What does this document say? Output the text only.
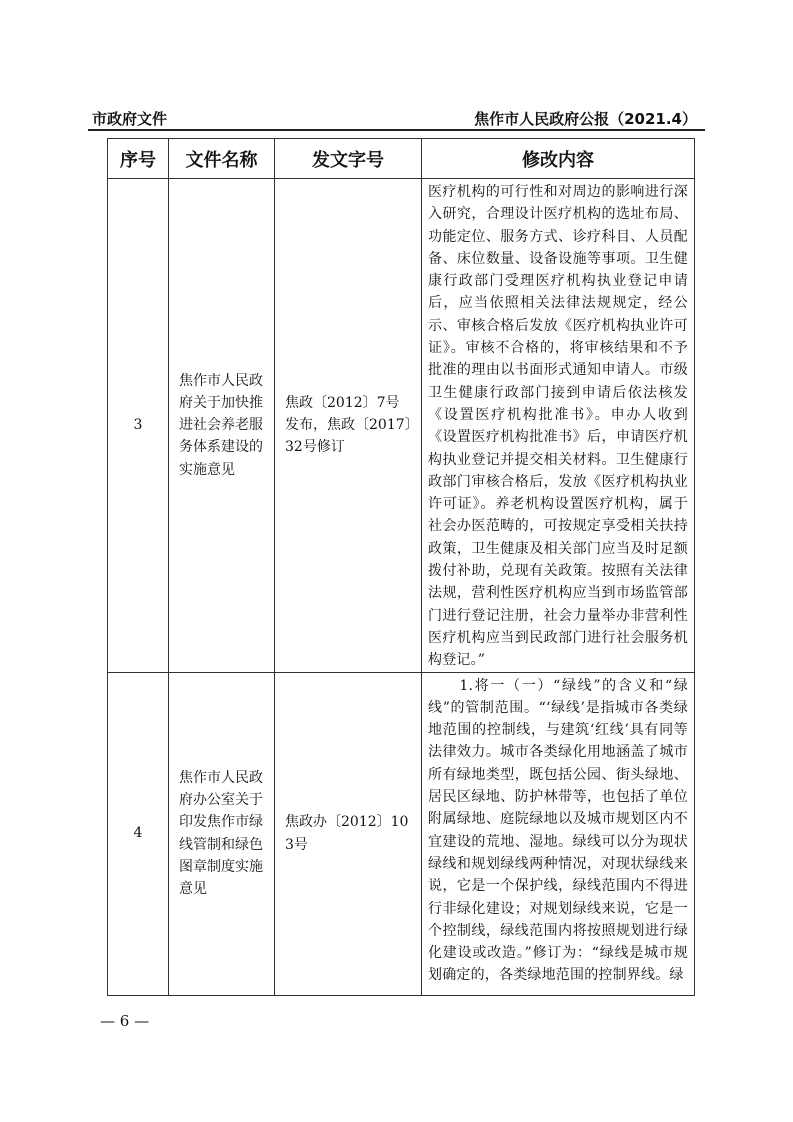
市政府文件	焦作市人民政府公报（2021.4）
序号	文件名称	发文字号	修改内容
3	焦作市人民政府关于加快推进社会养老服务体系建设的实施意见	焦政〔2012〕7号发布，焦政〔2017〕32号修订	医疗机构的可行性和对周边的影响进行深入研究，合理设计医疗机构的选址布局、功能定位、服务方式、诊疗科目、人员配备、床位数量、设备设施等事项。卫生健康行政部门受理医疗机构执业登记申请后，应当依照相关法律法规规定，经公示、审核合格后发放《医疗机构执业许可证》。审核不合格的，将审核结果和不予批准的理由以书面形式通知申请人。市级卫生健康行政部门接到申请后依法核发《设置医疗机构批准书》。申办人收到《设置医疗机构批准书》后，申请医疗机构执业登记并提交相关材料。卫生健康行政部门审核合格后，发放《医疗机构执业许可证》。养老机构设置医疗机构，属于社会办医范畴的，可按规定享受相关扶持政策，卫生健康及相关部门应当及时足额拨付补助，兑现有关政策。按照有关法律法规，营利性医疗机构应当到市场监管部门进行登记注册，社会力量举办非营利性医疗机构应当到民政部门进行社会服务机构登记。”
4	焦作市人民政府办公室关于印发焦作市绿线管制和绿色图章制度实施意见	焦政办〔2012〕103号	　　1.将一（一）“绿线”的含义和“绿线”的管制范围。“‘绿线’是指城市各类绿地范围的控制线，与建筑‘红线’具有同等法律效力。城市各类绿化用地涵盖了城市所有绿地类型，既包括公园、街头绿地、居民区绿地、防护林带等，也包括了单位附属绿地、庭院绿地以及城市规划区内不宜建设的荒地、湿地。绿线可以分为现状绿线和规划绿线两种情况，对现状绿线来说，它是一个保护线，绿线范围内不得进行非绿化建设；对规划绿线来说，它是一个控制线，绿线范围内将按照规划进行绿化建设或改造。”修订为：“绿线是城市规划确定的，各类绿地范围的控制界线。绿
— 6 —
